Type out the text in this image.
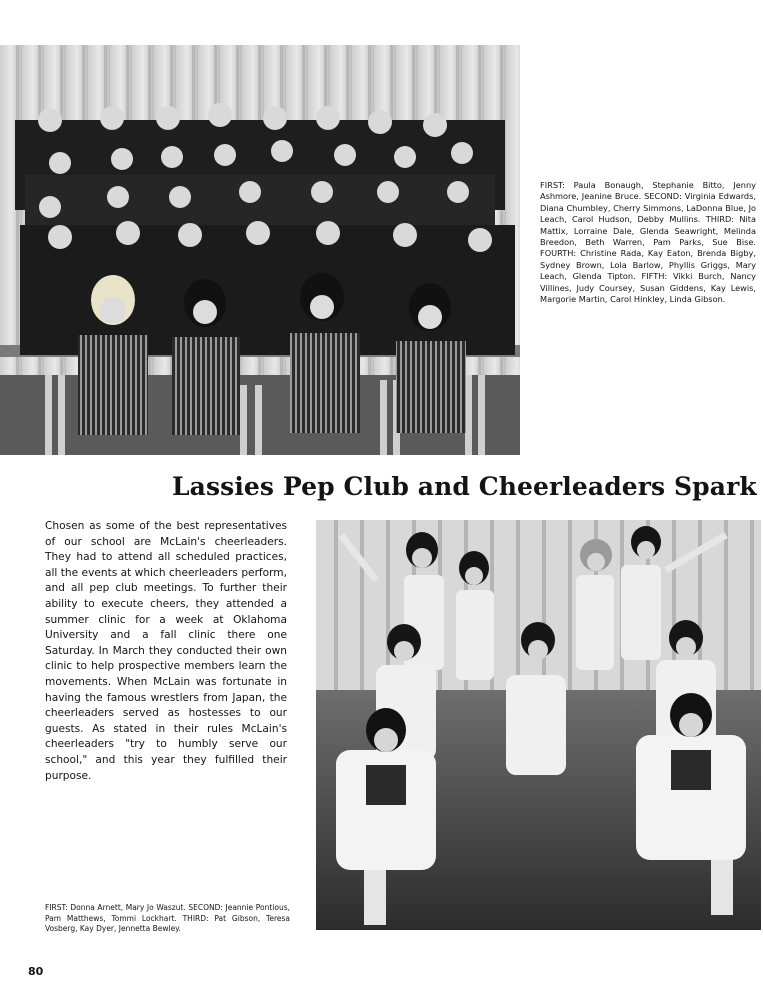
FIRST: Paula Bonaugh, Stephanie Bitto, Jenny Ashmore, Jeanine Bruce. SECOND: Virginia Edwards, Diana Chumbley, Cherry Simmons, LaDonna Blue, Jo Leach, Carol Hudson, Debby Mullins. THIRD: Nita Mattix, Lorraine Dale, Glenda Seawright, Melinda Breedon, Beth Warren, Pam Parks, Sue Bise. FOURTH: Christine Rada, Kay Eaton, Brenda Bigby, Sydney Brown, Lola Barlow, Phyllis Griggs, Mary Leach, Glenda Tipton. FIFTH: Vikki Burch, Nancy Villines, Judy Coursey, Susan Giddens, Kay Lewis, Margorie Martin, Carol Hinkley, Linda Gibson.

Lassies Pep Club and Cheerleaders Spark

Chosen as some of the best representatives of our school are McLain's cheerleaders. They had to attend all scheduled practices, all the events at which cheerleaders perform, and all pep club meetings. To further their ability to execute cheers, they attended a summer clinic for a week at Oklahoma University and a fall clinic there one Saturday. In March they conducted their own clinic to help prospective members learn the movements. When McLain was fortunate in having the famous wrestlers from Japan, the cheerleaders served as hostesses to our guests. As stated in their rules McLain's cheerleaders "try to humbly serve our school," and this year they fulfilled their purpose.

FIRST: Donna Arnett, Mary Jo Waszut. SECOND: Jeannie Pontious, Pam Matthews, Tommi Lockhart. THIRD: Pat Gibson, Teresa Vosberg, Kay Dyer, Jennetta Bewley.

80
